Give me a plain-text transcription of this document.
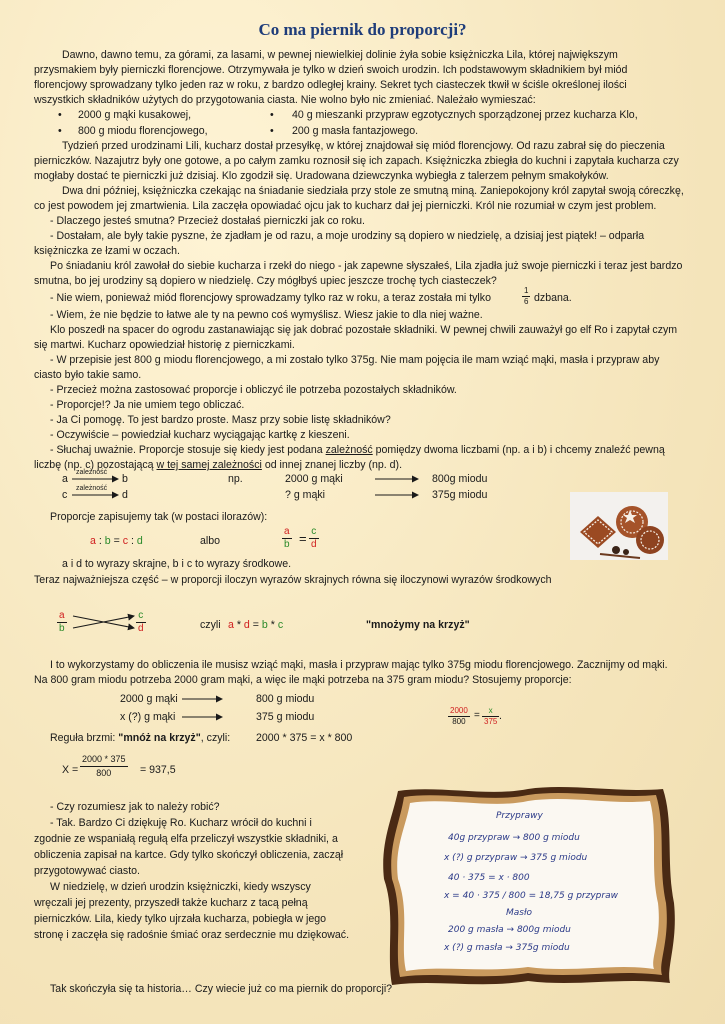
Co ma piernik do proporcji?
Dawno, dawno temu, za górami, za lasami, w pewnej niewielkiej dolinie żyła sobie księżniczka Lila, której największym
przysmakiem były pierniczki florencjowe. Otrzymywała je tylko w dzień swoich urodzin. Ich podstawowym składnikiem był miód
florencjowy sprowadzany tylko jeden raz w roku, z bardzo odległej krainy. Sekret tych ciasteczek tkwił w ściśle określonej ilości
wszystkich składników użytych do przygotowania ciasta. Nie wolno było nic zmieniać. Należało wymieszać:
• 2000 g mąki kusakowej,	• 40 g mieszanki przypraw egzotycznych sporządzonej przez kucharza Klo,
• 800 g miodu florencjowego,	• 200 g masła fantazjowego.
Tydzień przed urodzinami Lili, kucharz dostał przesyłkę, w której znajdował się miód florencjowy. Od razu zabrał się do pieczenia
pierniczków. Nazajutrz były one gotowe, a po całym zamku roznosił się ich zapach. Księżniczka zbiegła do kuchni i zapytała kucharza czy
mogłaby dostać te pierniczki już dzisiaj. Klo zgodził się. Uradowana dziewczynka wybiegła z talerzem pełnym smakołyków.
Dwa dni później, księżniczka czekając na śniadanie siedziała przy stole ze smutną miną. Zaniepokojony król zapytał swoją córeczkę,
co jest powodem jej zmartwienia. Lila zaczęła opowiadać ojcu jak to kucharz dał jej pierniczki. Król nie rozumiał w czym jest problem.
- Dlaczego jesteś smutna? Przecież dostałaś pierniczki jak co roku.
- Dostałam, ale były takie pyszne, że zjadłam je od razu, a moje urodziny są dopiero w niedzielę, a dzisiaj jest piątek! – odparła
księżniczka ze łzami w oczach.
Po śniadaniu król zawołał do siebie kucharza i rzekł do niego - jak zapewne słyszałeś, Lila zjadła już swoje pierniczki i teraz jest bardzo
smutna, bo jej urodziny są dopiero w niedzielę. Czy mógłbyś upiec jeszcze trochę tych ciasteczek?
- Nie wiem, ponieważ miód florencjowy sprowadzamy tylko raz w roku, a teraz została mi tylko	$\frac{1}{6}$ dzbana.
- Wiem, że nie będzie to łatwe ale ty na pewno coś wymyślisz. Wiesz jakie to dla niej ważne.
Klo poszedł na spacer do ogrodu zastanawiając się jak dobrać pozostałe składniki. W pewnej chwili zauważył go elf Ro i zapytał czym
się martwi. Kucharz opowiedział historię z pierniczkami.
- W przepisie jest 800 g miodu florencjowego, a mi zostało tylko 375g. Nie mam pojęcia ile mam wziąć mąki, masła i przypraw aby
ciasto było takie samo.
- Przecież można zastosować proporcje i obliczyć ile potrzeba pozostałych składników.
- Proporcje!? Ja nie umiem tego obliczać.
- Ja Ci pomogę. To jest bardzo proste. Masz przy sobie listę składników?
- Oczywiście – powiedział kucharz wyciągając kartkę z kieszeni.
- Słuchaj uważnie. Proporcje stosuje się kiedy jest podana zależność pomiędzy dwoma liczbami (np. a i b) i chcemy znaleźć pewną
liczbę (np. c) pozostającą w tej samej zależności od innej znanej liczby (np. d).
zależność
a	b
zależność
c	d
np.	2000 g mąki	800g miodu
? g mąki	375g miodu
Proporcje zapisujemy tak (w postaci ilorazów):
a : b = c : d	albo	$\frac{a}{b} = \frac{c}{d}$
a i d to wyrazy skrajne, b i c to wyrazy środkowe.
Teraz najważniejsza część – w proporcji iloczyn wyrazów skrajnych równa się iloczynowi wyrazów środkowych
$\frac{a}{b}$	$\frac{c}{d}$	czyli a * d = b * c	"mnożymy na krzyż"
I to wykorzystamy do obliczenia ile musisz wziąć mąki, masła i przypraw mając tylko 375g miodu florencjowego. Zacznijmy od mąki.
Na 800 gram miodu potrzeba 2000 gram mąki, a więc ile mąki potrzeba na 375 gram miodu? Stosujemy proporcje:
2000 g mąki	800 g miodu
x (?) g mąki	375 g miodu	$\frac{2000}{800} = \frac{x}{375}$ .
Reguła brzmi: "mnóż na krzyż", czyli: 2000 * 375 = x * 800
$X = \frac{2000 * 375}{800} = 937,5$
- Czy rozumiesz jak to należy robić?
- Tak. Bardzo Ci dziękuję Ro. Kucharz wrócił do kuchni i
zgodnie ze wspaniałą regułą elfa przeliczył wszystkie składniki, a
obliczenia zapisał na kartce. Gdy tylko skończył obliczenia, zaczął
przygotowywać ciasto.
W niedzielę, w dzień urodzin księżniczki, kiedy wszyscy
wręczali jej prezenty, przyszedł także kucharz z tacą pełną
pierniczków. Lila, kiedy tylko ujrzała kucharza, pobiegła w jego
stronę i zaczęła się radośnie śmiać oraz serdecznie mu dziękować.
Przyprawy
40g przypraw → 800 g miodu
x (?) g przypraw → 375 g miodu
40 · 375 = x · 800
x = 40 · 375 / 800 = 18,75 g przypraw
Masło
200 g masła → 800g miodu
x (?) g masła → 375g miodu
Tak skończyła się ta historia… Czy wiecie już co ma piernik do proporcji?
